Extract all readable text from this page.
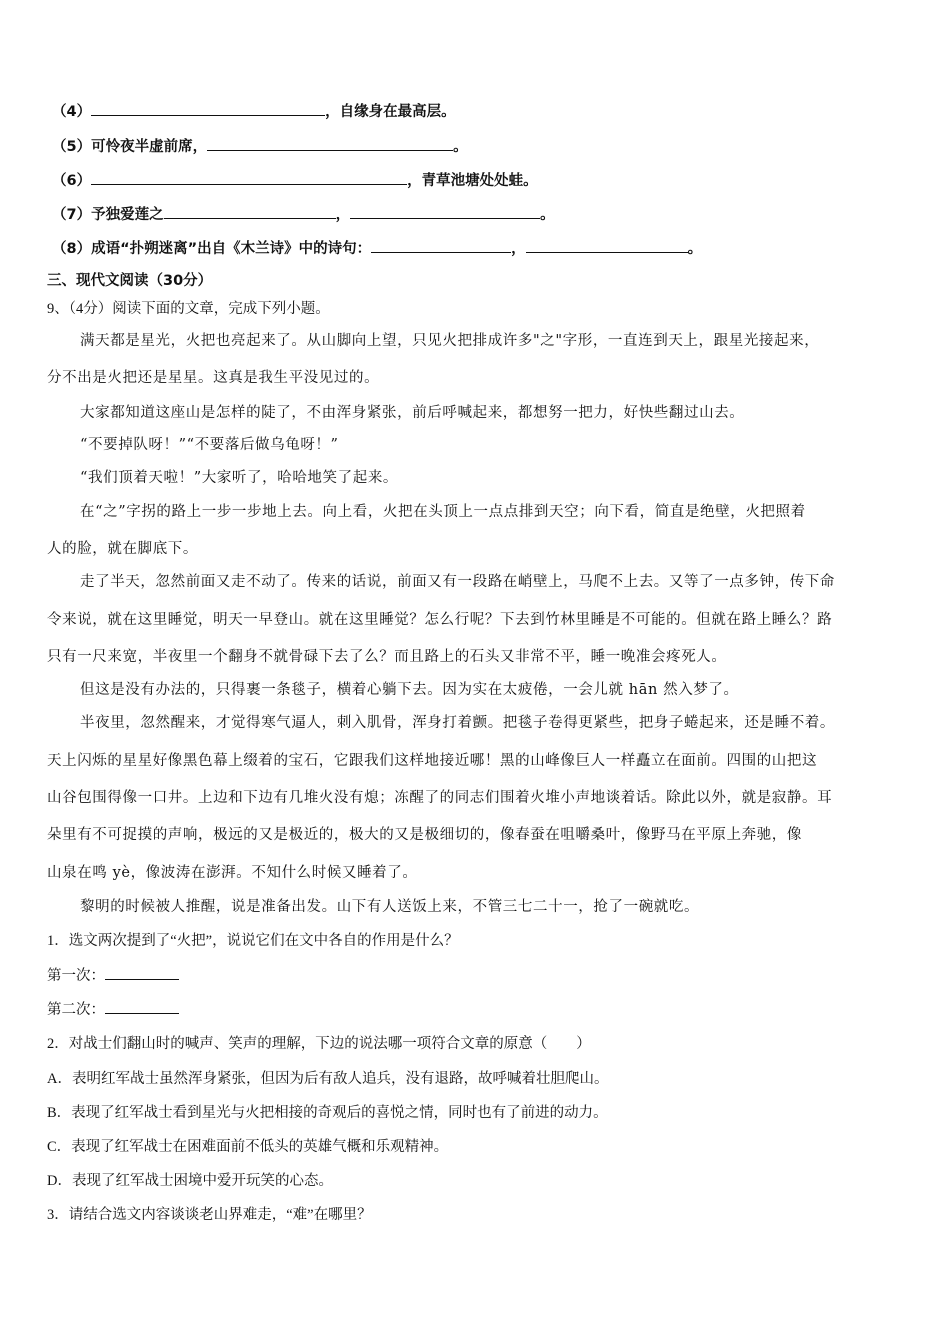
（4）	，自缘身在最高层。
（5）可怜夜半虚前席，	。
（6）	，青草池塘处处蛙。
（7）予独爱莲之	，	。
（8）成语“扑朔迷离”出自《木兰诗》中的诗句：	，	。
三、现代文阅读（30分）
9、（4分）阅读下面的文章，完成下列小题。
满天都是星光，火把也亮起来了。从山脚向上望，只见火把排成许多"之"字形，一直连到天上，跟星光接起来，
分不出是火把还是星星。这真是我生平没见过的。
大家都知道这座山是怎样的陡了，不由浑身紧张，前后呼喊起来，都想努一把力，好快些翻过山去。
“不要掉队呀！”“不要落后做乌龟呀！”
“我们顶着天啦！”大家听了，哈哈地笑了起来。
在“之”字拐的路上一步一步地上去。向上看，火把在头顶上一点点排到天空；向下看，简直是绝壁，火把照着
人的脸，就在脚底下。
走了半天，忽然前面又走不动了。传来的话说，前面又有一段路在峭壁上，马爬不上去。又等了一点多钟，传下命
令来说，就在这里睡觉，明天一早登山。就在这里睡觉？怎么行呢？下去到竹林里睡是不可能的。但就在路上睡么？路
只有一尺来宽，半夜里一个翻身不就骨碌下去了么？而且路上的石头又非常不平，睡一晚准会疼死人。
但这是没有办法的，只得裹一条毯子，横着心躺下去。因为实在太疲倦，一会儿就 hān 然入梦了。
半夜里，忽然醒来，才觉得寒气逼人，刺入肌骨，浑身打着颤。把毯子卷得更紧些，把身子蜷起来，还是睡不着。
天上闪烁的星星好像黑色幕上缀着的宝石，它跟我们这样地接近哪！黑的山峰像巨人一样矗立在面前。四围的山把这
山谷包围得像一口井。上边和下边有几堆火没有熄；冻醒了的同志们围着火堆小声地谈着话。除此以外，就是寂静。耳
朵里有不可捉摸的声响，极远的又是极近的，极大的又是极细切的，像春蚕在咀嚼桑叶，像野马在平原上奔驰，像
山泉在鸣 yè，像波涛在澎湃。不知什么时候又睡着了。
黎明的时候被人推醒，说是准备出发。山下有人送饭上来，不管三七二十一，抢了一碗就吃。
1．选文两次提到了“火把”，说说它们在文中各自的作用是什么？
第一次：
第二次：
2．对战士们翻山时的喊声、笑声的理解，下边的说法哪一项符合文章的原意（　　）
A．表明红军战士虽然浑身紧张，但因为后有敌人追兵，没有退路，故呼喊着壮胆爬山。
B．表现了红军战士看到星光与火把相接的奇观后的喜悦之情，同时也有了前进的动力。
C．表现了红军战士在困难面前不低头的英雄气概和乐观精神。
D．表现了红军战士困境中爱开玩笑的心态。
3．请结合选文内容谈谈老山界难走，“难”在哪里？
